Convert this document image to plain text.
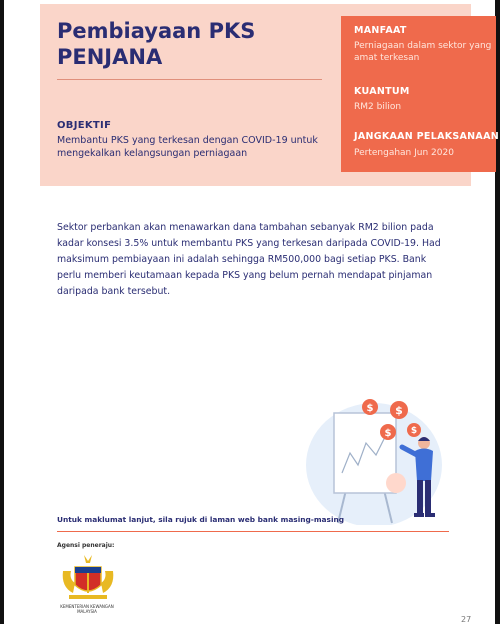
Pembiayaan PKS
PENJANA
OBJEKTIF
Membantu PKS yang terkesan dengan COVID-19 untuk mengekalkan kelangsungan perniagaan
MANFAAT
Perniagaan dalam sektor yang amat terkesan
KUANTUM
RM2 bilion
JANGKAAN PELAKSANAAN
Pertengahan Jun 2020
Sektor perbankan akan menawarkan dana tambahan sebanyak RM2 bilion pada kadar konsesi 3.5% untuk membantu PKS yang terkesan daripada COVID-19. Had maksimum pembiayaan ini adalah sehingga RM500,000 bagi setiap PKS. Bank perlu memberi keutamaan kepada PKS yang belum pernah mendapat pinjaman daripada bank tersebut.
$ $
$ $
Untuk maklumat lanjut, sila rujuk di laman web bank masing-masing
Agensi peneraju:
KEMENTERIAN KEWANGAN MALAYSIA
27
